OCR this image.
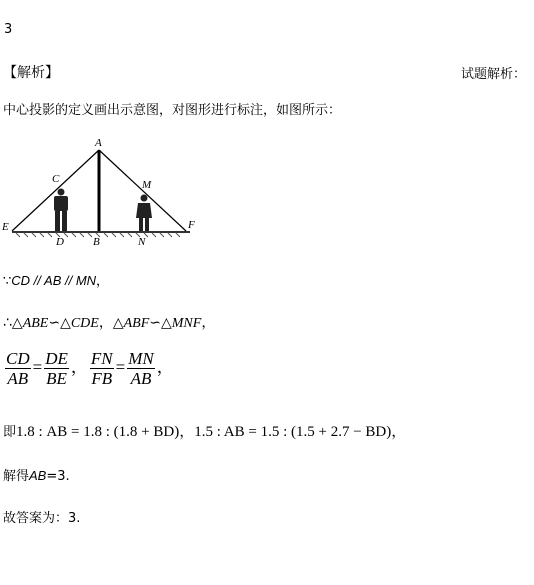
3
【解析】	试题解析：
中心投影的定义画出示意图，对图形进行标注，如图所示：
A
C	M
E	F
D	B	N
∵CD // AB // MN，
∴△ABE∽△CDE，△ABF∽△MNF，
$\frac{CD}{AB} = \frac{DE}{BE}$ ， $\frac{FN}{FB} = \frac{MN}{AB}$ ，
即1.8 : AB = 1.8 : (1.8 + BD)，1.5 : AB = 1.5 : (1.5 + 2.7 − BD)，
解得AB=3.
故答案为：3.
